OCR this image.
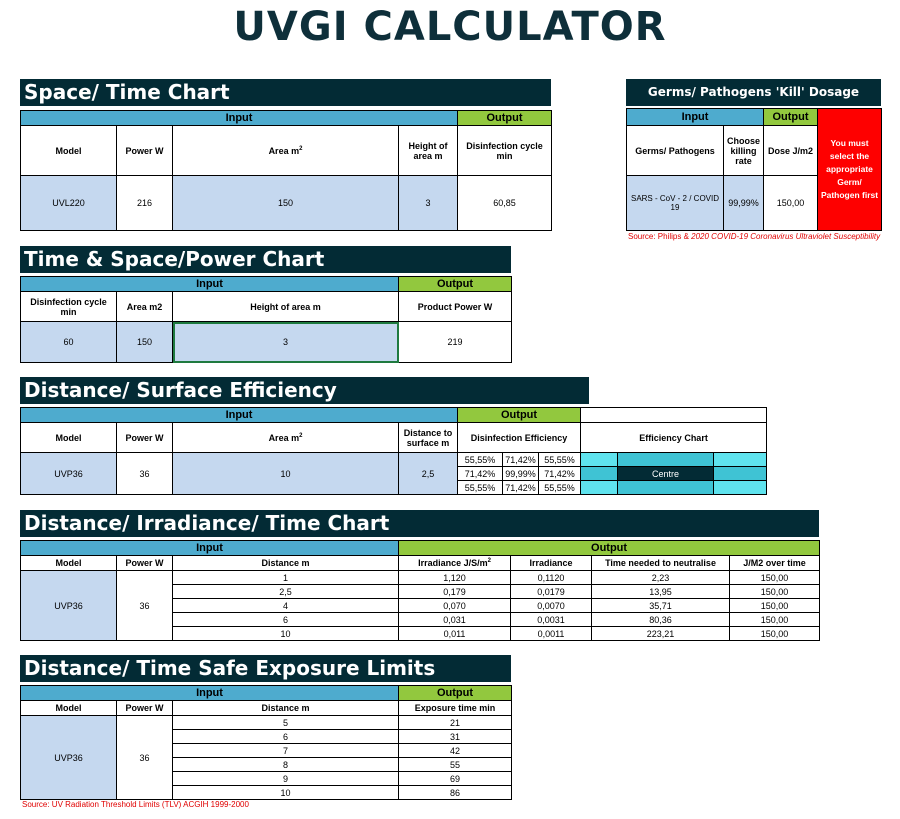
UVGI CALCULATOR
Space/ Time Chart
Input				Output
Model	Power W	Area $m^2$	Height of area m	Disinfection cycle min
UVL220	216	150	3	60,85
Germs/ Pathogens 'Kill' Dosage
Input		Output	You must select the appropriate Germ/ Pathogen first
Germs/ Pathogens	Choose killing rate	Dose J/m2	
SARS - CoV - 2 / COVID 19	99,99%	150,00	
Source: Philips & 2020 COVID-19 Coronavirus Ultraviolet Susceptibility
Time & Space/Power Chart
Input			Output
Disinfection cycle min	Area m2	Height of area m	Product Power W
60	150	3	219
Distance/ Surface Efficiency
Input				Output					
Model	Power W	Area $m^2$	Distance to surface m	Disinfection Efficiency			Efficiency Chart		
UVP36	36	10	2,5	55,55%	71,42%	55,55%			
				71,42%	99,99%	71,42%		Centre	
				55,55%	71,42%	55,55%			
Distance/ Irradiance/ Time Chart
Input			Output			
Model	Power W	Distance m	Irradiance $J/S/m^2$	Irradiance	Time needed to neutralise	J/M2 over time
UVP36	36	1	1,120	0,1120	2,23	150,00
		2,5	0,179	0,0179	13,95	150,00
		4	0,070	0,0070	35,71	150,00
		6	0,031	0,0031	80,36	150,00
		10	0,011	0,0011	223,21	150,00
Distance/ Time Safe Exposure Limits
Input			Output
Model	Power W	Distance m	Exposure time min
UVP36	36	5	21
		6	31
		7	42
		8	55
		9	69
		10	86
Source: UV Radiation Threshold Limits (TLV) ACGIH 1999-2000
